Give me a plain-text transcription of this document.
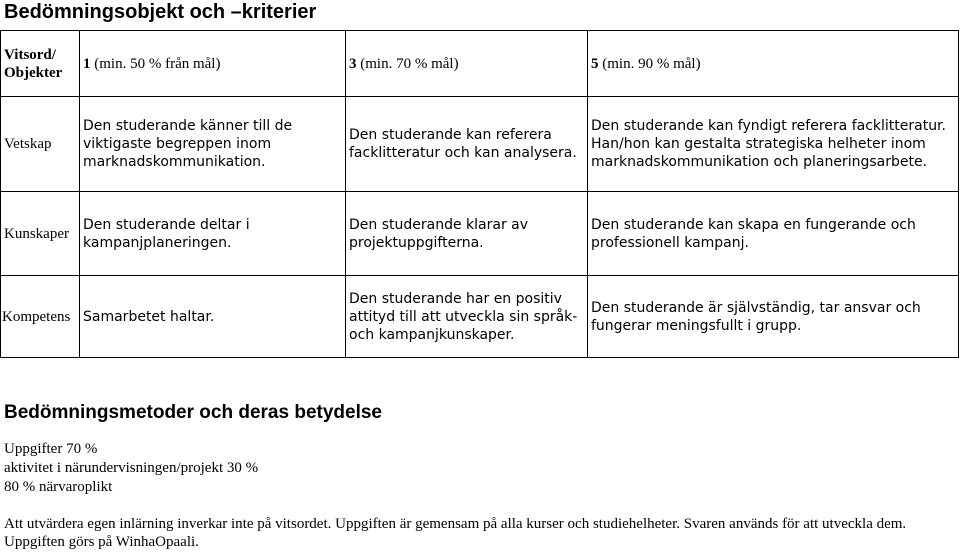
Bedömningsobjekt och –kriterier
Vitsord/ Objekter	1 (min. 50 % från mål)	3 (min. 70 % mål)	5 (min. 90 % mål)
Vetskap	Den studerande känner till de viktigaste begreppen inom marknadskommunikation.	Den studerande kan referera facklitteratur och kan analysera.	Den studerande kan fyndigt referera facklitteratur. Han/hon kan gestalta strategiska helheter inom marknadskommunikation och planeringsarbete.
Kunskaper	Den studerande deltar i kampanjplaneringen.	Den studerande klarar av projektuppgifterna.	Den studerande kan skapa en fungerande och professionell kampanj.
Kompetens	Samarbetet haltar.	Den studerande har en positiv attityd till att utveckla sin språk- och kampanjkunskaper.	Den studerande är självständig, tar ansvar och fungerar meningsfullt i grupp.
Bedömningsmetoder och deras betydelse
Uppgifter 70 %
aktivitet i närundervisningen/projekt 30 %
80 % närvaroplikt
Att utvärdera egen inlärning inverkar inte på vitsordet. Uppgiften är gemensam på alla kurser och studiehelheter. Svaren används för att utveckla dem. Uppgiften görs på WinhaOpaali.
